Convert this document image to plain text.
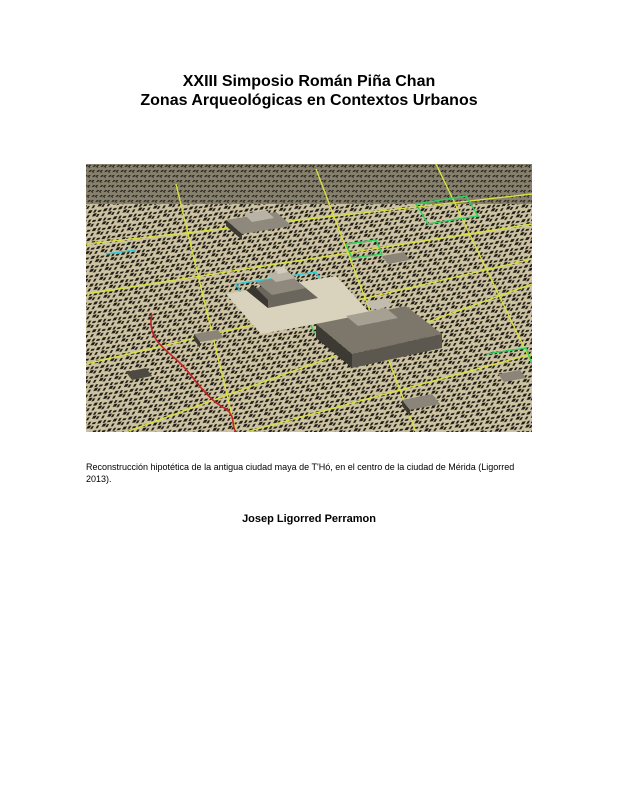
XXIII Simposio Román Piña Chan
Zonas Arqueológicas en Contextos Urbanos
Reconstrucción hipotética de la antigua ciudad maya de T'Hó, en el centro de la ciudad de Mérida (Ligorred 2013).
Josep Ligorred Perramon
